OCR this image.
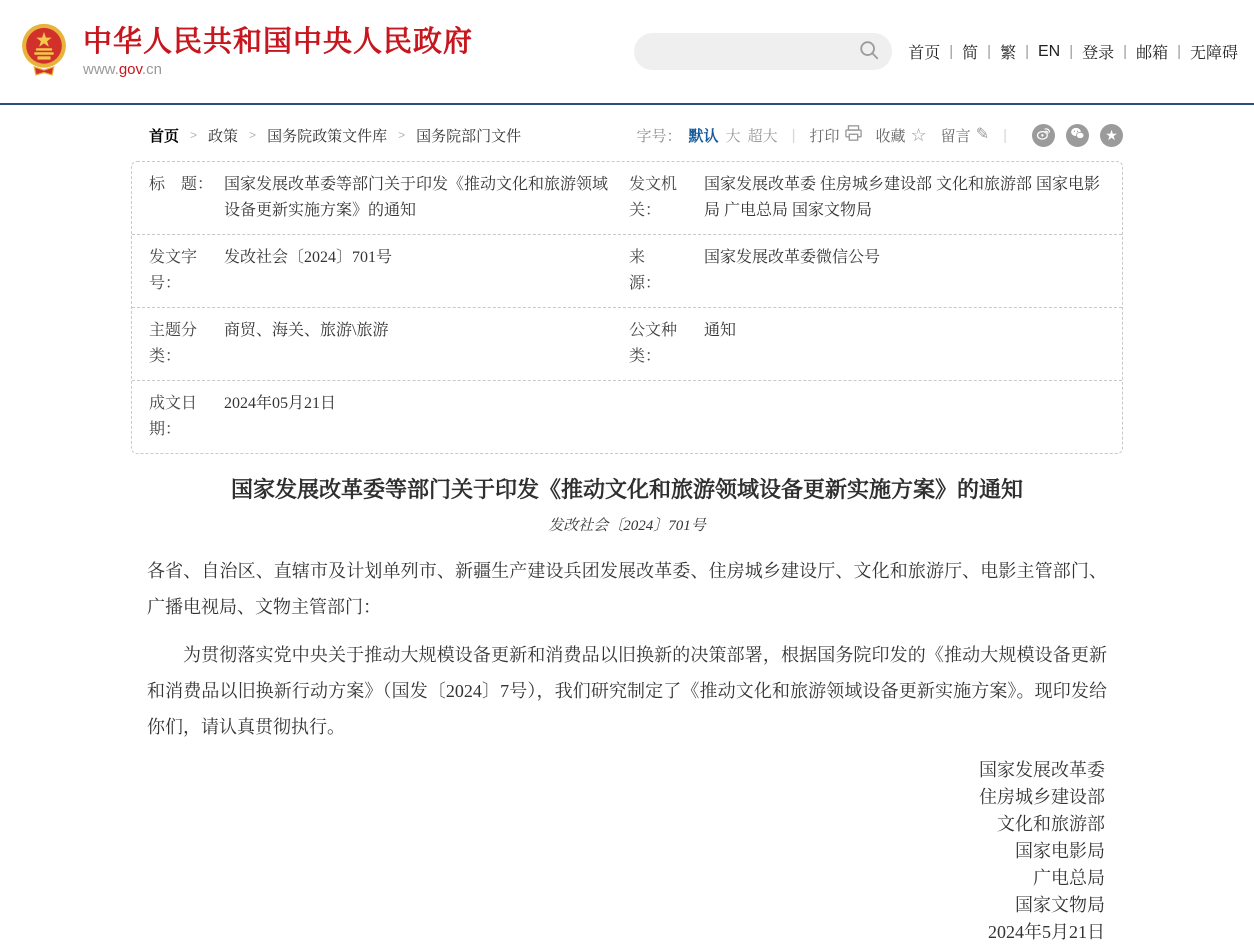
中华人民共和国中央人民政府
www.gov.cn
首页 | 简 | 繁 | EN | 登录 | 邮箱 | 无障碍
首页 > 政策 > 国务院政策文件库 > 国务院部门文件	字号： 默认 大 超大 | 打印 收藏 ☆ 留言 ✎ |	★
标　题： 国家发展改革委等部门关于印发《推动文化和旅游领域设备更新实施方案》的通知
发文机关：
国家发展改革委 住房城乡建设部 文化和旅游部 国家电影局 广电总局 国家文物局
发文字号：
发改社会〔2024〕701号	来　　源：
国家发展改革委微信公号
主题分类：
商贸、海关、旅游\旅游	公文种类：
通知
成文日期：
2024年05月21日
国家发展改革委等部门关于印发《推动文化和旅游领域设备更新实施方案》的通知
发改社会〔2024〕701号

各省、自治区、直辖市及计划单列市、新疆生产建设兵团发展改革委、住房城乡建设厅、文化和旅游厅、电影主管部门、广播电视局、文物主管部门：

为贯彻落实党中央关于推动大规模设备更新和消费品以旧换新的决策部署，根据国务院印发的《推动大规模设备更新和消费品以旧换新行动方案》（国发〔2024〕7号），我们研究制定了《推动文化和旅游领域设备更新实施方案》。现印发给你们，请认真贯彻执行。

国家发展改革委
住房城乡建设部
文化和旅游部
国家电影局
广电总局
国家文物局
2024年5月21日
